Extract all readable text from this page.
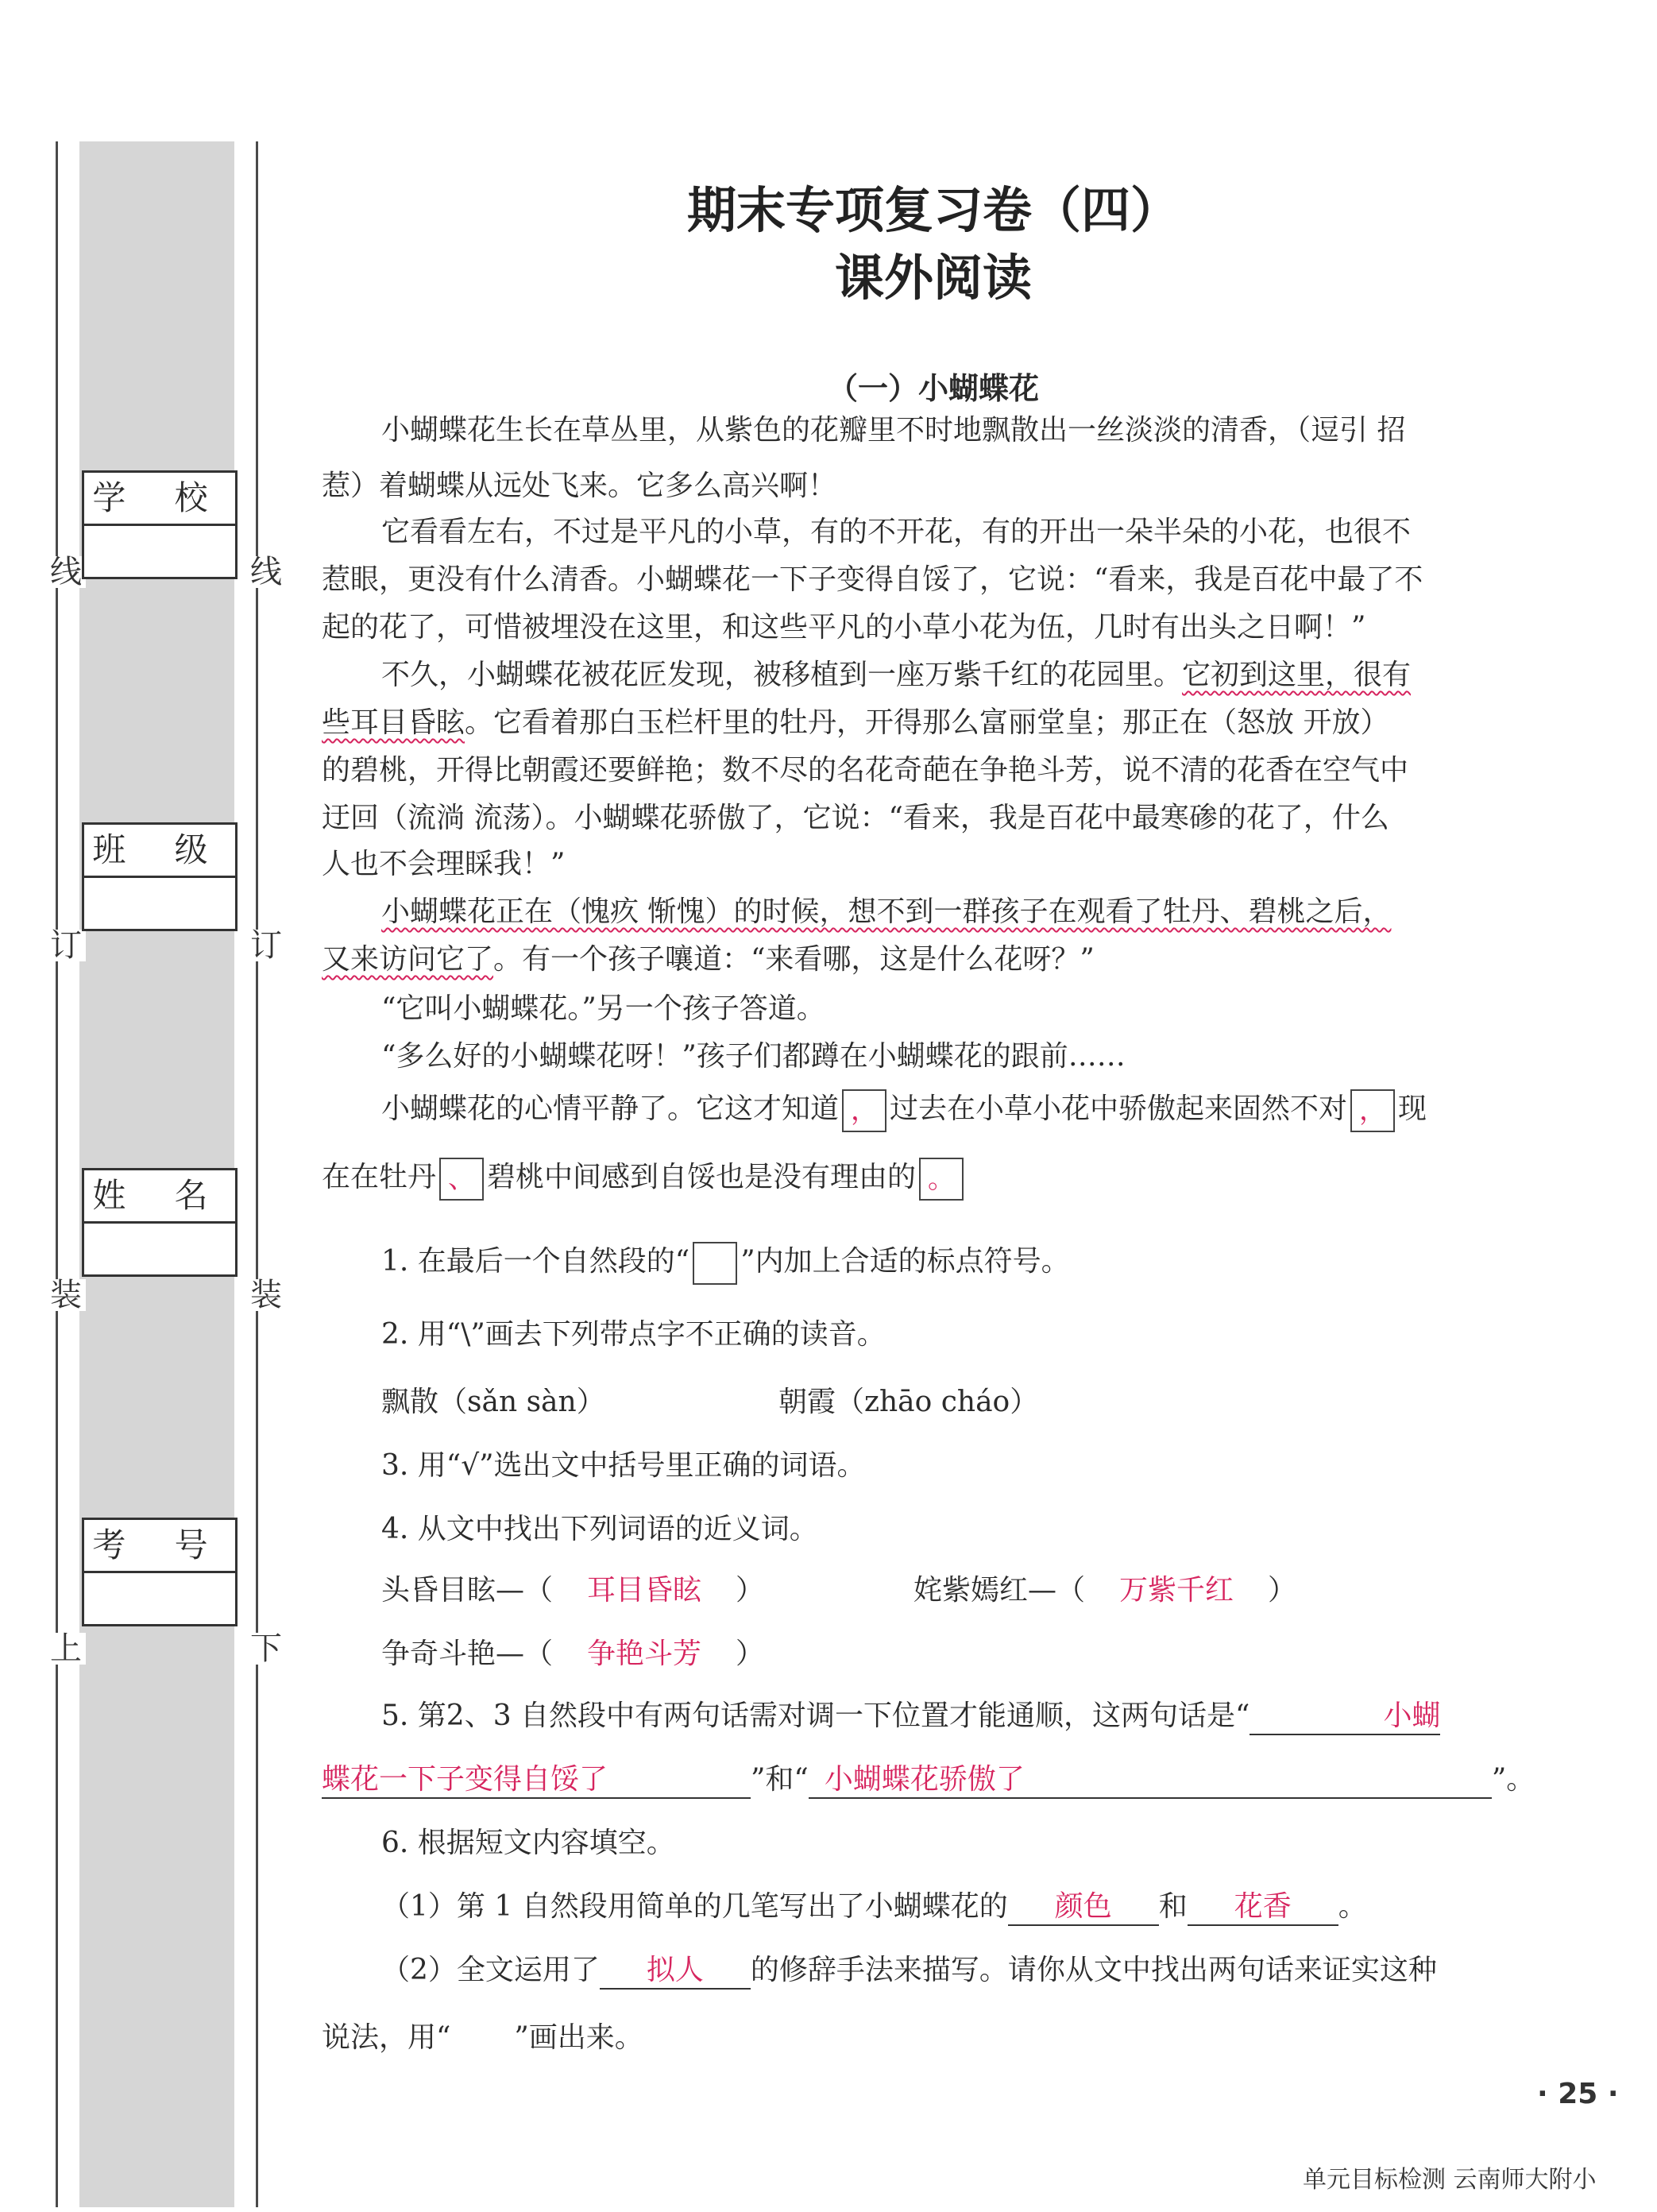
线	线
订	订
装	装
上	下
学 校
班 级
姓 名
考 号
期末专项复习卷（四）
课外阅读
（一）小蝴蝶花
小蝴蝶花生长在草丛里，从紫色的花瓣里不时地飘散出一丝淡淡的清香，（逗引 招
惹）着蝴蝶从远处飞来。它多么高兴啊！
它看看左右，不过是平凡的小草，有的不开花，有的开出一朵半朵的小花，也很不
惹眼，更没有什么清香。小蝴蝶花一下子变得自馁了，它说：“看来，我是百花中最了不
起的花了，可惜被埋没在这里，和这些平凡的小草小花为伍，几时有出头之日啊！”
不久，小蝴蝶花被花匠发现，被移植到一座万紫千红的花园里。它初到这里，很有
些耳目昏眩。它看着那白玉栏杆里的牡丹，开得那么富丽堂皇；那正在（怒放 开放）
的碧桃，开得比朝霞还要鲜艳；数不尽的名花奇葩在争艳斗芳，说不清的花香在空气中
迂回（流淌 流荡）。小蝴蝶花骄傲了，它说：“看来，我是百花中最寒碜的花了，什么
人也不会理睬我！”
小蝴蝶花正在（愧疚 惭愧）的时候，想不到一群孩子在观看了牡丹、碧桃之后，
又来访问它了。有一个孩子嚷道：“来看哪，这是什么花呀？”
“它叫小蝴蝶花。”另一个孩子答道。
“多么好的小蝴蝶花呀！”孩子们都蹲在小蝴蝶花的跟前……
小蝴蝶花的心情平静了。它这才知道 ， 过去在小草小花中骄傲起来固然不对 ， 现
在在牡丹 、 碧桃中间感到自馁也是没有理由的 。
1. 在最后一个自然段的“ ”内加上合适的标点符号。
2. 用“\”画去下列带点字不正确的读音。
飘散（sǎn sàn）	朝霞（zhāo cháo）
3. 用“√”选出文中括号里正确的词语。
4. 从文中找出下列词语的近义词。
头昏目眩—（ 耳目昏眩 ）	姹紫嫣红—（ 万紫千红 ）
争奇斗艳—（ 争艳斗芳 ）
5. 第2、3 自然段中有两句话需对调一下位置才能通顺，这两句话是“	小蝴
蝶花一下子变得自馁了	”和“ 小蝴蝶花骄傲了	”。
6. 根据短文内容填空。
（1）第 1 自然段用简单的几笔写出了小蝴蝶花的 颜色 和 花香 。
（2）全文运用了 拟人 的修辞手法来描写。请你从文中找出两句话来证实这种
说法，用“ ”画出来。
· 25 ·
单元目标检测 云南师大附小
